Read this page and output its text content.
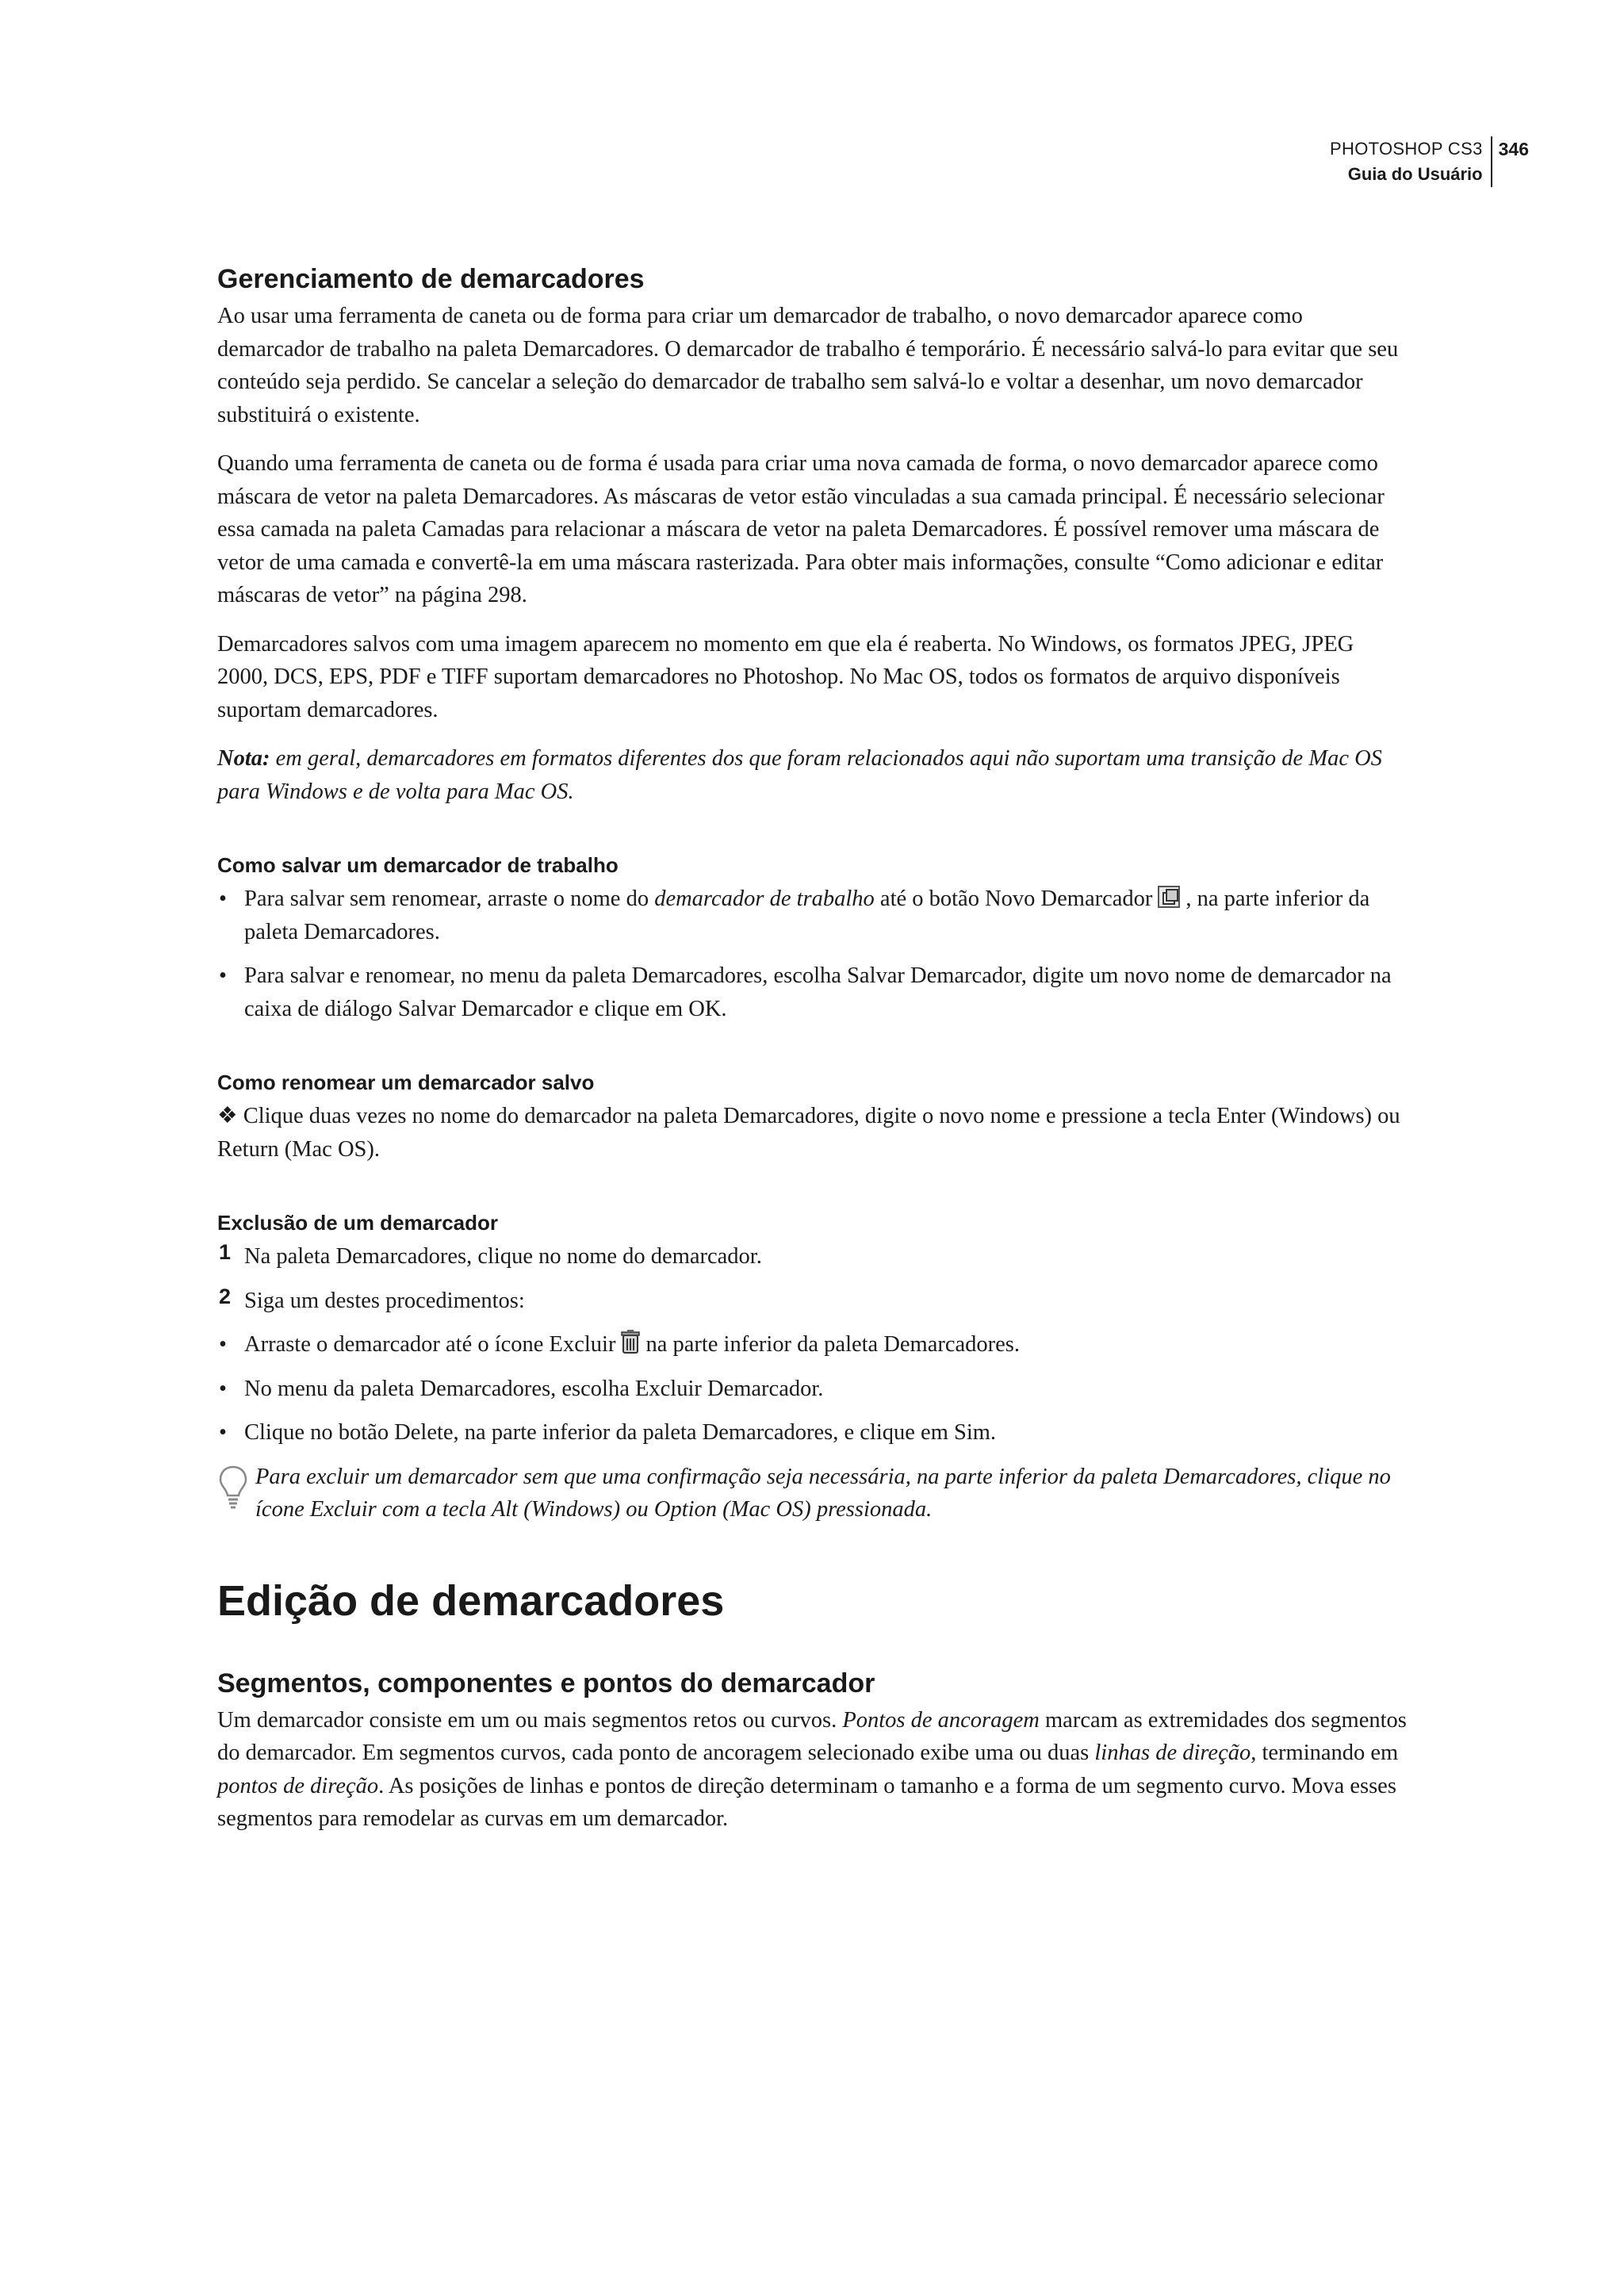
PHOTOSHOP CS3
Guia do Usuário
346
Gerenciamento de demarcadores

Ao usar uma ferramenta de caneta ou de forma para criar um demarcador de trabalho, o novo demarcador aparece como demarcador de trabalho na paleta Demarcadores. O demarcador de trabalho é temporário. É necessário salvá-lo para evitar que seu conteúdo seja perdido. Se cancelar a seleção do demarcador de trabalho sem salvá-lo e voltar a desenhar, um novo demarcador substituirá o existente.

Quando uma ferramenta de caneta ou de forma é usada para criar uma nova camada de forma, o novo demarcador aparece como máscara de vetor na paleta Demarcadores. As máscaras de vetor estão vinculadas a sua camada principal. É necessário selecionar essa camada na paleta Camadas para relacionar a máscara de vetor na paleta Demarcadores. É possível remover uma máscara de vetor de uma camada e convertê-la em uma máscara rasterizada. Para obter mais informações, consulte “Como adicionar e editar máscaras de vetor” na página 298.

Demarcadores salvos com uma imagem aparecem no momento em que ela é reaberta. No Windows, os formatos JPEG, JPEG 2000, DCS, EPS, PDF e TIFF suportam demarcadores no Photoshop. No Mac OS, todos os formatos de arquivo disponíveis suportam demarcadores.

Nota: em geral, demarcadores em formatos diferentes dos que foram relacionados aqui não suportam uma transição de Mac OS para Windows e de volta para Mac OS.

Como salvar um demarcador de trabalho
• Para salvar sem renomear, arraste o nome do demarcador de trabalho até o botão Novo Demarcador , na parte inferior da paleta Demarcadores.
• Para salvar e renomear, no menu da paleta Demarcadores, escolha Salvar Demarcador, digite um novo nome de demarcador na caixa de diálogo Salvar Demarcador e clique em OK.
Como renomear um demarcador salvo

❖ Clique duas vezes no nome do demarcador na paleta Demarcadores, digite o novo nome e pressione a tecla Enter (Windows) ou Return (Mac OS).

Exclusão de um demarcador
1 Na paleta Demarcadores, clique no nome do demarcador.

2 Siga um destes procedimentos:

• Arraste o demarcador até o ícone Excluir na parte inferior da paleta Demarcadores.
• No menu da paleta Demarcadores, escolha Excluir Demarcador.
• Clique no botão Delete, na parte inferior da paleta Demarcadores, e clique em Sim.

Para excluir um demarcador sem que uma confirmação seja necessária, na parte inferior da paleta Demarcadores, clique no ícone Excluir com a tecla Alt (Windows) ou Option (Mac OS) pressionada.

Edição de demarcadores
Segmentos, componentes e pontos do demarcador

Um demarcador consiste em um ou mais segmentos retos ou curvos. Pontos de ancoragem marcam as extremidades dos segmentos do demarcador. Em segmentos curvos, cada ponto de ancoragem selecionado exibe uma ou duas linhas de direção, terminando em pontos de direção. As posições de linhas e pontos de direção determinam o tamanho e a forma de um segmento curvo. Mova esses segmentos para remodelar as curvas em um demarcador.
